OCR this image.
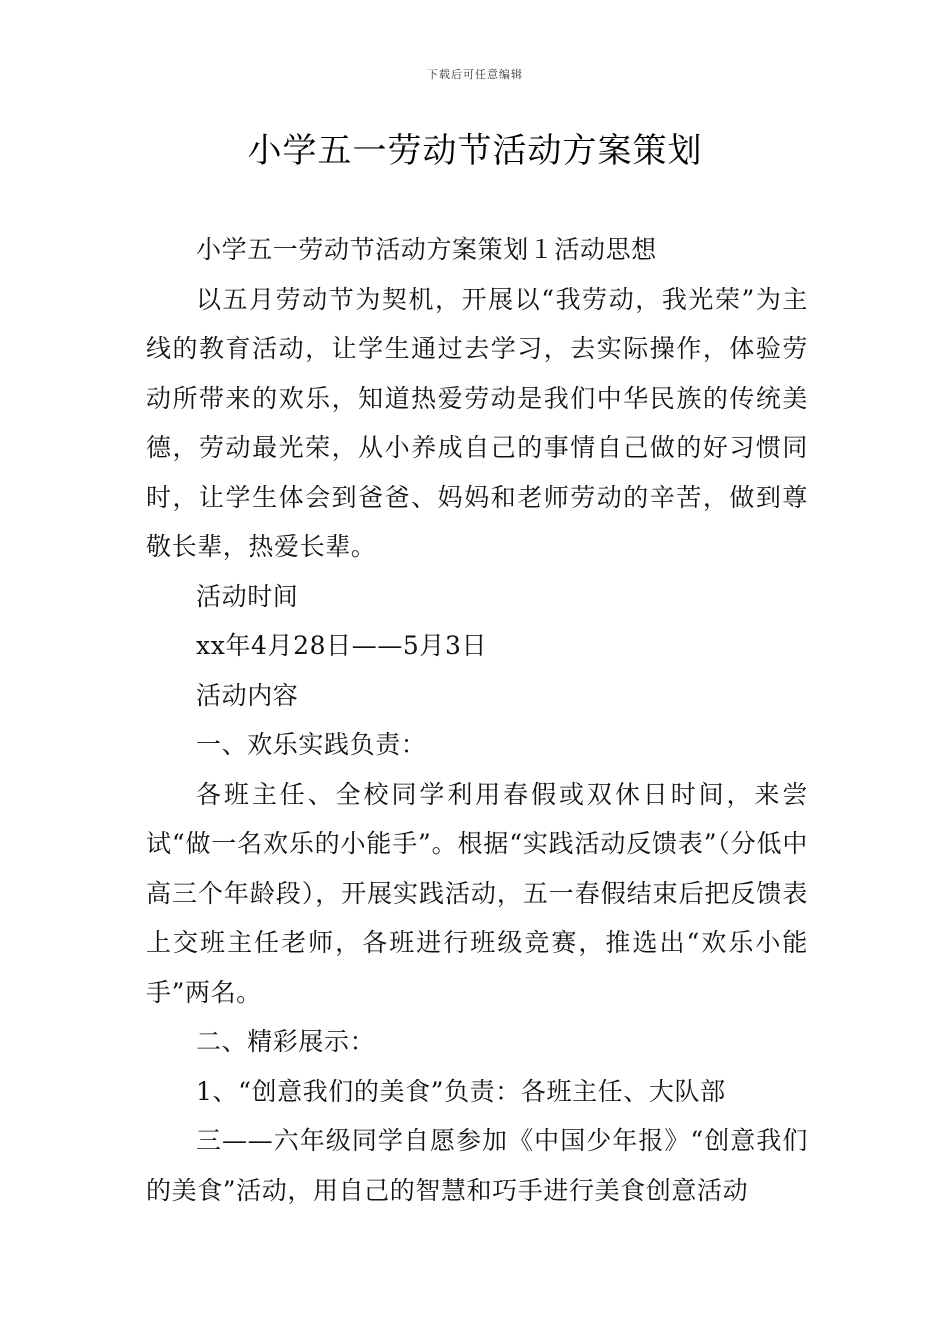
下载后可任意编辑
小学五一劳动节活动方案策划

小学五一劳动节活动方案策划１活动思想

以五月劳动节为契机，开展以“我劳动，我光荣”为主线的教育活动，让学生通过去学习，去实际操作，体验劳动所带来的欢乐，知道热爱劳动是我们中华民族的传统美德，劳动最光荣，从小养成自己的事情自己做的好习惯同时，让学生体会到爸爸、妈妈和老师劳动的辛苦，做到尊敬长辈，热爱长辈。

活动时间

xx年4月28日——5月3日

活动内容

一、欢乐实践负责：

各班主任、全校同学利用春假或双休日时间，来尝试“做一名欢乐的小能手”。根据“实践活动反馈表”（分低中高三个年龄段），开展实践活动，五一春假结束后把反馈表上交班主任老师，各班进行班级竞赛，推选出“欢乐小能手”两名。

二、精彩展示：

1、“创意我们的美食”负责：各班主任、大队部

三——六年级同学自愿参加《中国少年报》“创意我们的美食”活动，用自己的智慧和巧手进行美食创意活动
